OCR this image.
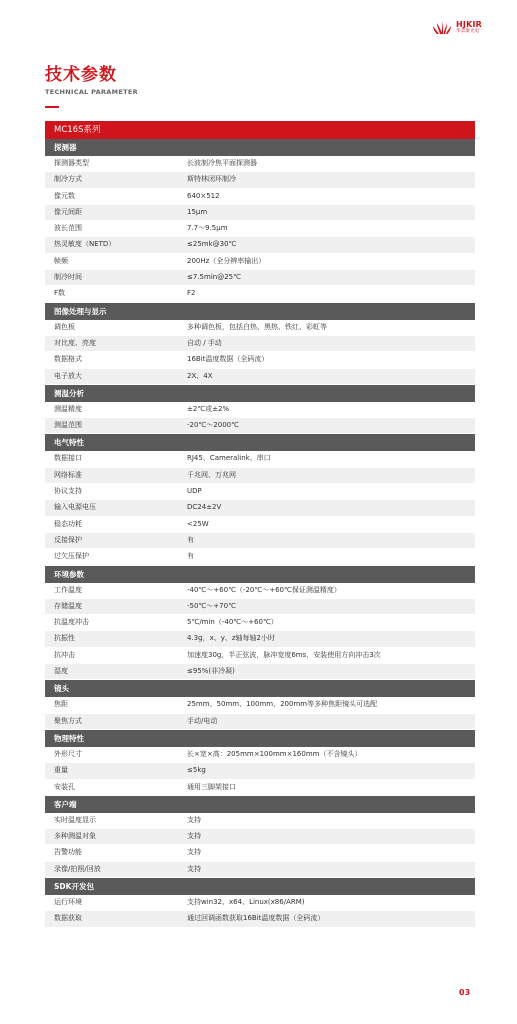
HJKIR
华景康光电
技术参数
TECHNICAL PARAMETER
MC16S系列
探测器
探测器类型	长波制冷焦平面探测器
制冷方式	斯特林闭环制冷
像元数	640×512
像元间距	15μm
波长范围	7.7～9.5μm
热灵敏度（NETD）	≤25mk@30℃
帧频	200Hz（全分辨率输出）
制冷时间	≤7.5min@25℃
F数	F2
图像处理与显示
调色板	多种调色板，包括白热、黑热、铁红、彩虹等
对比度、亮度	自动 / 手动
数据格式	16Bit温度数据（全码流）
电子放大	2X、4X
测温分析
测温精度	±2℃或±2%
测温范围	-20℃～2000℃
电气特性
数据接口	RJ45、Cameralink、串口
网络标准	千兆网、万兆网
协议支持	UDP
输入电源电压	DC24±2V
稳态功耗	<25W
反接保护	有
过欠压保护	有
环境参数
工作温度	-40℃～+60℃（-20℃～+60℃保证测温精度）
存储温度	-50℃～+70℃
抗温度冲击	5℃/min（-40℃～+60℃）
抗振性	4.3g，x、y、z轴每轴2小时
抗冲击	加速度30g，半正弦波，脉冲宽度6ms，安装使用方向冲击3次
湿度	≤95%(非冷凝)
镜头
焦距	25mm、50mm、100mm、200mm等多种焦距镜头可选配
聚焦方式	手动/电动
物理特性
外形尺寸	长×宽×高：205mm×100mm×160mm（不含镜头）
重量	≤5kg
安装孔	通用三脚架接口
客户端
实时温度显示	支持
多种测温对象	支持
告警功能	支持
录像/拍照/回放	支持
SDK开发包
运行环境	支持win32、x64、Linux(x86/ARM)
数据获取	通过回调函数获取16Bit温度数据（全码流）
03
